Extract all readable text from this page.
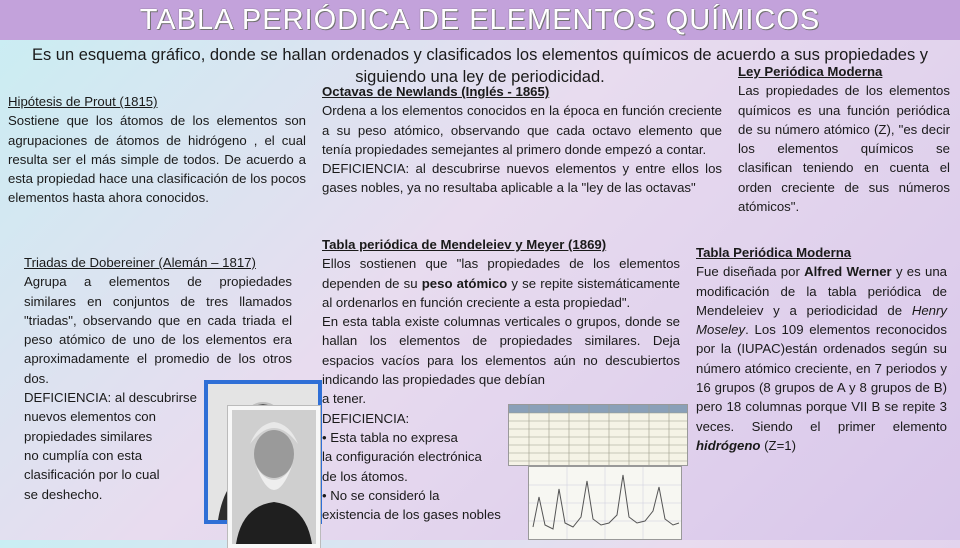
TABLA PERIÓDICA DE ELEMENTOS QUÍMICOS

Es un esquema gráfico, donde se hallan ordenados y clasificados los elementos químicos de acuerdo a sus propiedades y siguiendo una ley de periodicidad.

Hipótesis de Prout (1815)

Sostiene que los átomos de los elementos son agrupaciones de átomos de hidrógeno , el cual resulta ser el más simple de todos. De acuerdo a esta propiedad hace una clasificación de los pocos elementos hasta ahora conocidos.

Triadas de Dobereiner (Alemán – 1817)

Agrupa a elementos de propiedades similares en conjuntos de tres llamados "triadas", observando que en cada triada el peso atómico de uno de los elementos era aproximadamente el promedio de los otros dos.

DEFICIENCIA: al descubrirse
nuevos elementos con
propiedades similares
no cumplía con esta
clasificación por lo cual
se deshecho.

Octavas de Newlands (Inglés - 1865)

Ordena a los elementos conocidos en la época en función creciente a su peso atómico, observando que cada octavo elemento que tenía propiedades semejantes al primero donde empezó a contar.

DEFICIENCIA: al descubrirse nuevos elementos y entre ellos los gases nobles, ya no resultaba aplicable a la "ley de las octavas"

Tabla periódica de Mendeleiev y Meyer (1869)

Ellos sostienen que "las propiedades de los elementos dependen de su peso atómico y se repite sistemáticamente al ordenarlos en función creciente a esta propiedad".

En esta tabla existe columnas verticales o grupos, donde se hallan los elementos de propiedades similares. Deja espacios vacíos para los elementos aún no descubiertos indicando las propiedades que debían

a tener.
DEFICIENCIA:
• Esta tabla no expresa
la configuración electrónica
de los átomos.
• No se consideró la
existencia de los gases nobles

Ley Periódica Moderna

Las propiedades de los elementos químicos es una función periódica de su número atómico (Z), "es decir los elementos químicos se clasifican teniendo en cuenta el orden creciente de sus números atómicos".

Tabla Periódica Moderna

Fue diseñada por Alfred Werner y es una modificación de la tabla periódica de Mendeleiev y a periodicidad de Henry Moseley. Los 109 elementos reconocidos por la (IUPAC)están ordenados según su número atómico creciente, en 7 periodos y 16 grupos (8 grupos de A y 8 grupos de B) pero 18 columnas porque VII B se repite 3 veces. Siendo el primer elemento hidrógeno (Z=1)
